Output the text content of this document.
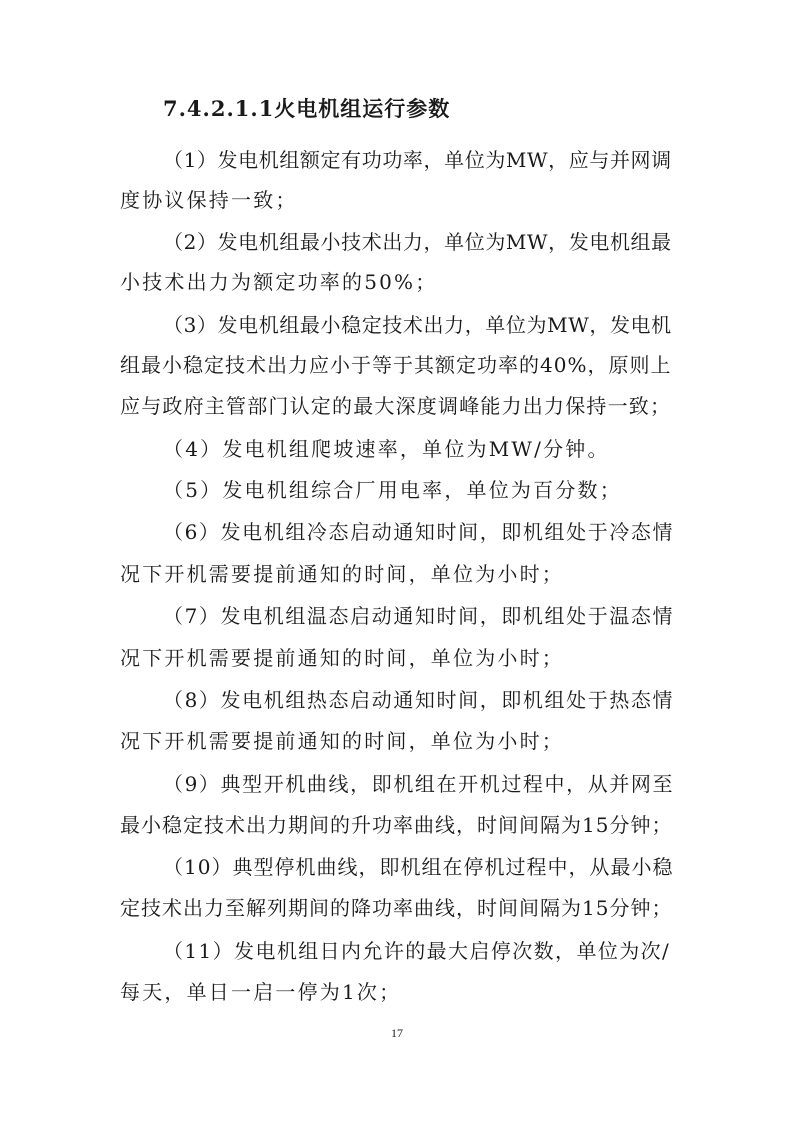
7.4.2.1.1火电机组运行参数
（1）发电机组额定有功功率，单位为MW，应与并网调
度协议保持一致；
（2）发电机组最小技术出力，单位为MW，发电机组最
小技术出力为额定功率的50%；
（3）发电机组最小稳定技术出力，单位为MW，发电机
组最小稳定技术出力应小于等于其额定功率的40%，原则上
应与政府主管部门认定的最大深度调峰能力出力保持一致；
（4）发电机组爬坡速率，单位为MW/分钟。
（5）发电机组综合厂用电率，单位为百分数；
（6）发电机组冷态启动通知时间，即机组处于冷态情
况下开机需要提前通知的时间，单位为小时；
（7）发电机组温态启动通知时间，即机组处于温态情
况下开机需要提前通知的时间，单位为小时；
（8）发电机组热态启动通知时间，即机组处于热态情
况下开机需要提前通知的时间，单位为小时；
（9）典型开机曲线，即机组在开机过程中，从并网至
最小稳定技术出力期间的升功率曲线，时间间隔为15分钟；
（10）典型停机曲线，即机组在停机过程中，从最小稳
定技术出力至解列期间的降功率曲线，时间间隔为15分钟；
（11）发电机组日内允许的最大启停次数，单位为次/
每天，单日一启一停为1次；
17
